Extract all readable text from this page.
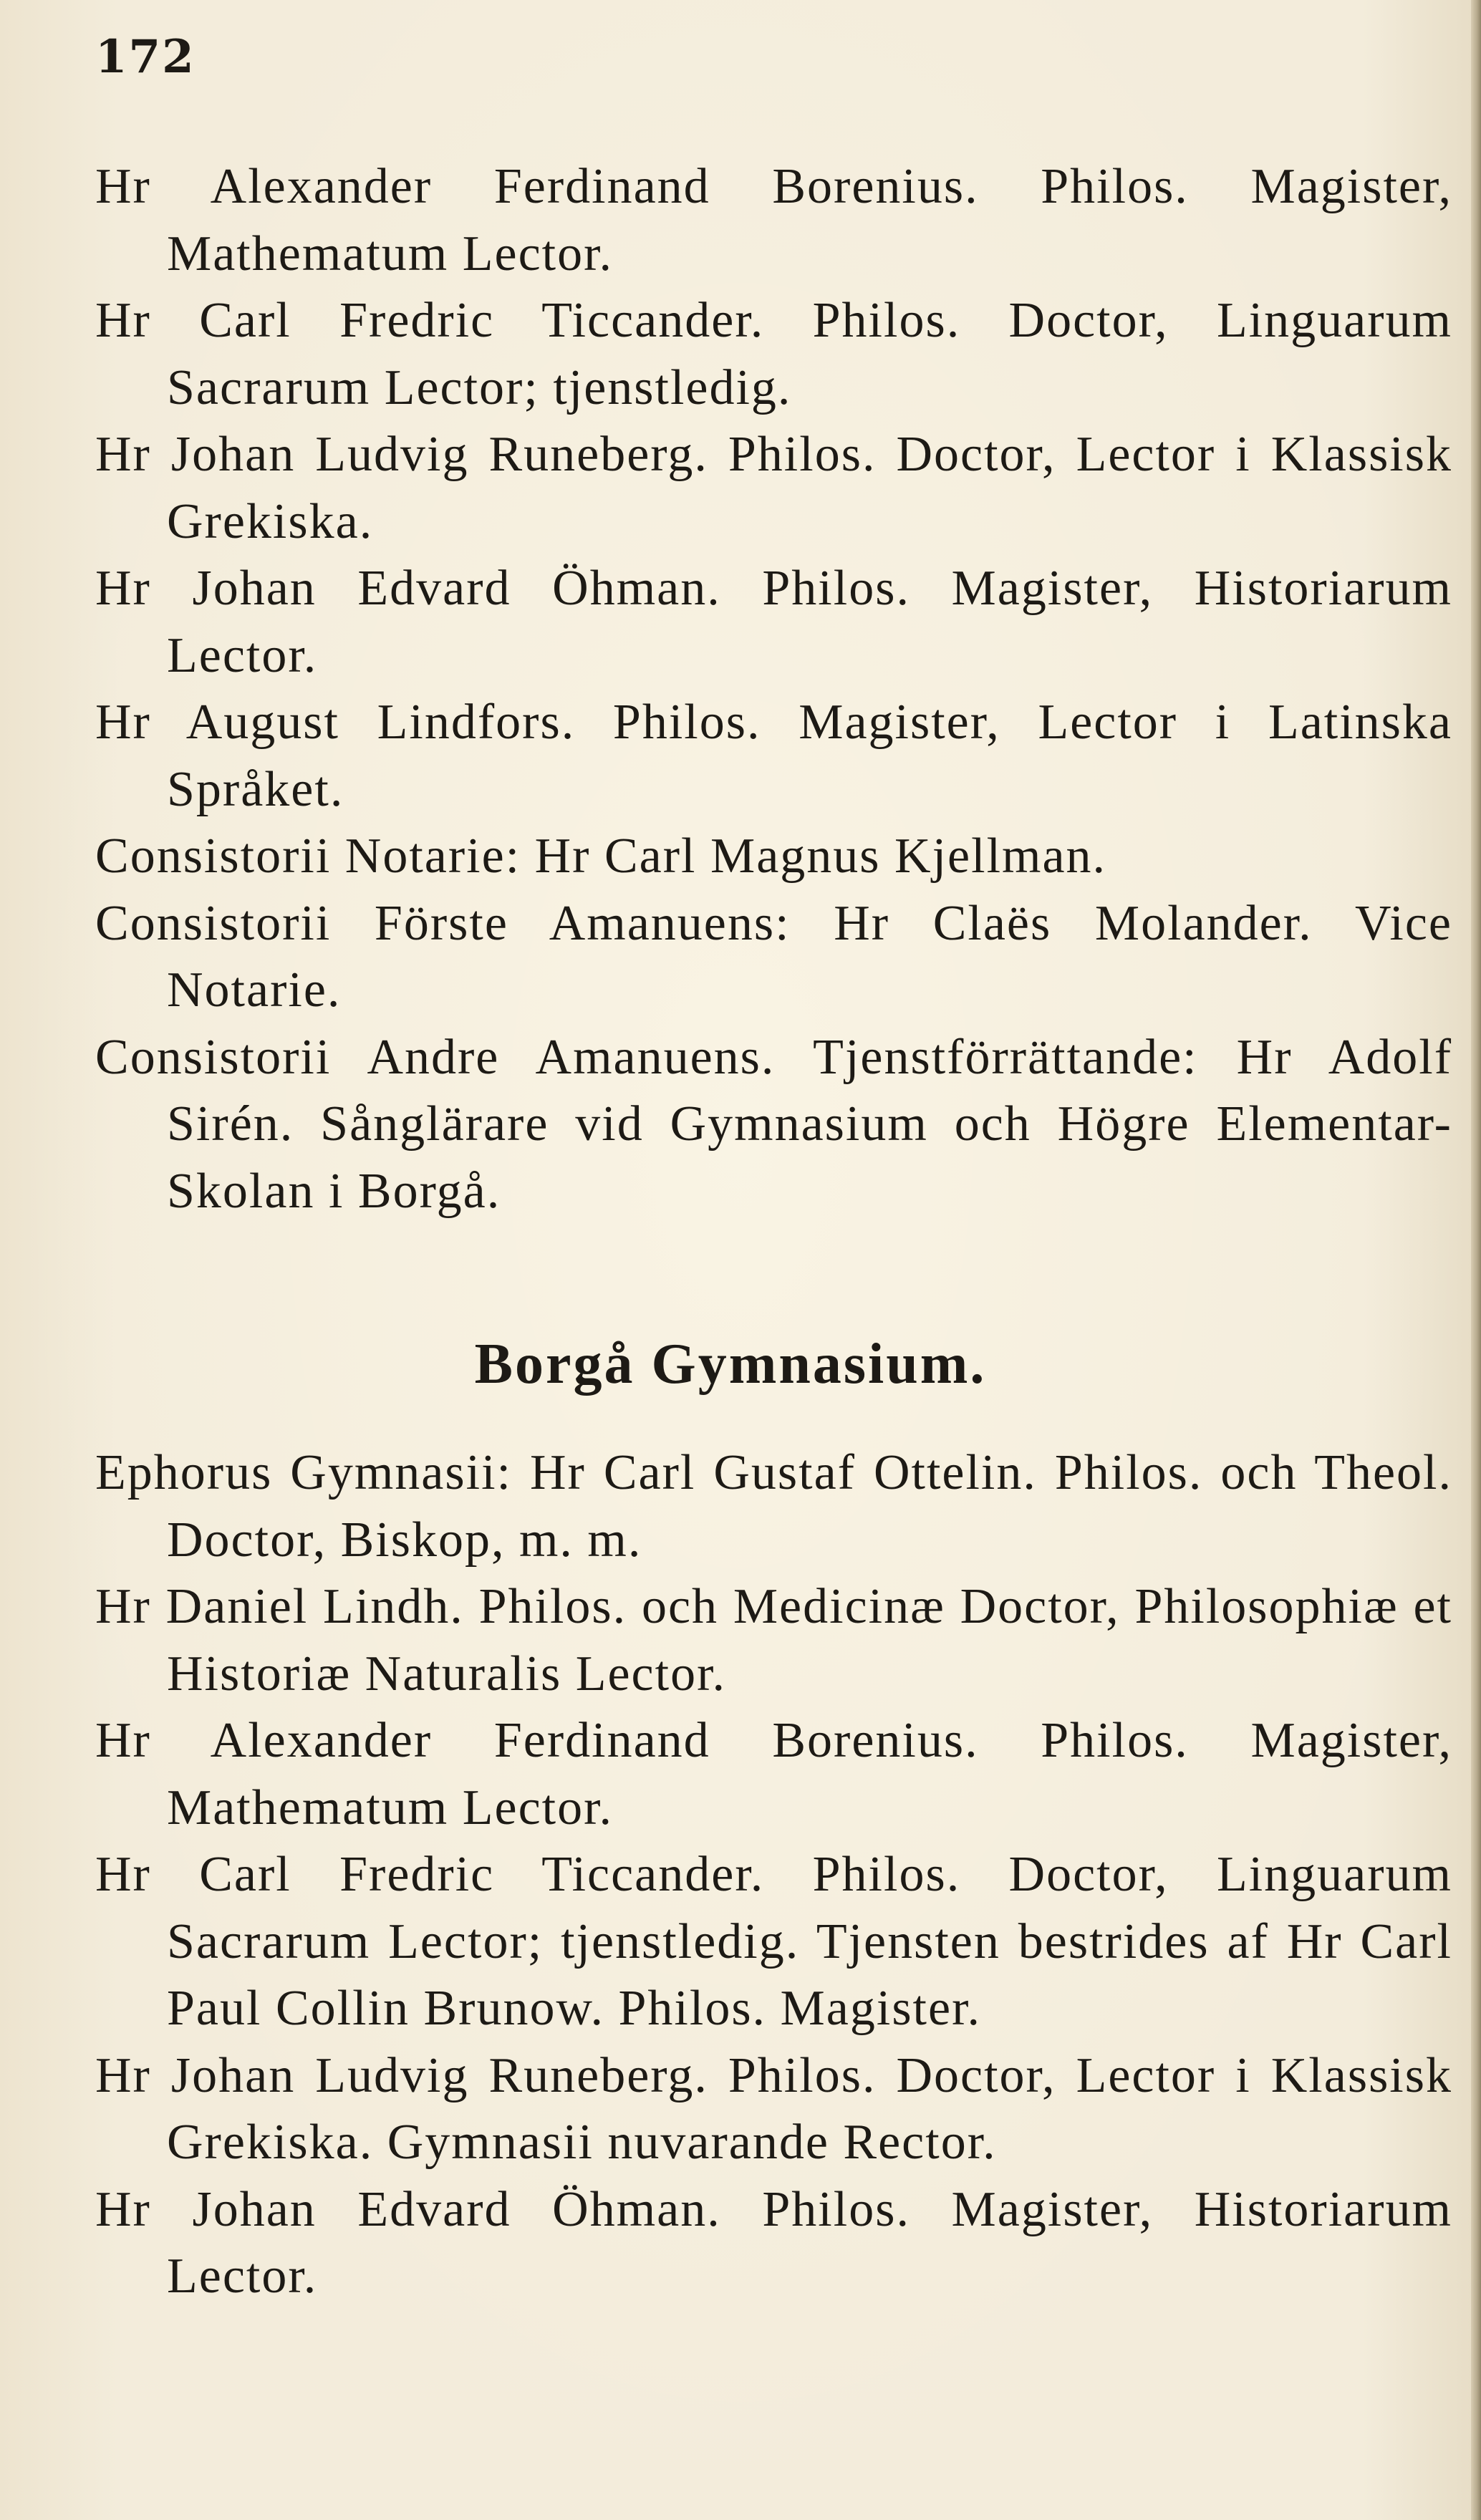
172

Hr Alexander Ferdinand Borenius. Philos. Magister, Mathematum Lector.

Hr Carl Fredric Ticcander. Philos. Doctor, Linguarum Sacrarum Lector; tjenstledig.

Hr Johan Ludvig Runeberg. Philos. Doctor, Lector i Klassisk Grekiska.

Hr Johan Edvard Öhman. Philos. Magister, Historiarum Lector.

Hr August Lindfors. Philos. Magister, Lector i Latinska Språket.

Consistorii Notarie: Hr Carl Magnus Kjellman.

Consistorii Förste Amanuens: Hr Claës Molander. Vice Notarie.

Consistorii Andre Amanuens. Tjenstförrättande: Hr Adolf Sirén. Sånglärare vid Gymnasium och Högre Elementar-Skolan i Borgå.

Borgå Gymnasium.

Ephorus Gymnasii: Hr Carl Gustaf Ottelin. Philos. och Theol. Doctor, Biskop, m. m.

Hr Daniel Lindh. Philos. och Medicinæ Doctor, Philosophiæ et Historiæ Naturalis Lector.

Hr Alexander Ferdinand Borenius. Philos. Magister, Mathematum Lector.

Hr Carl Fredric Ticcander. Philos. Doctor, Linguarum Sacrarum Lector; tjenstledig. Tjensten bestrides af Hr Carl Paul Collin Brunow. Philos. Magister.

Hr Johan Ludvig Runeberg. Philos. Doctor, Lector i Klassisk Grekiska. Gymnasii nuvarande Rector.

Hr Johan Edvard Öhman. Philos. Magister, Historiarum Lector.
